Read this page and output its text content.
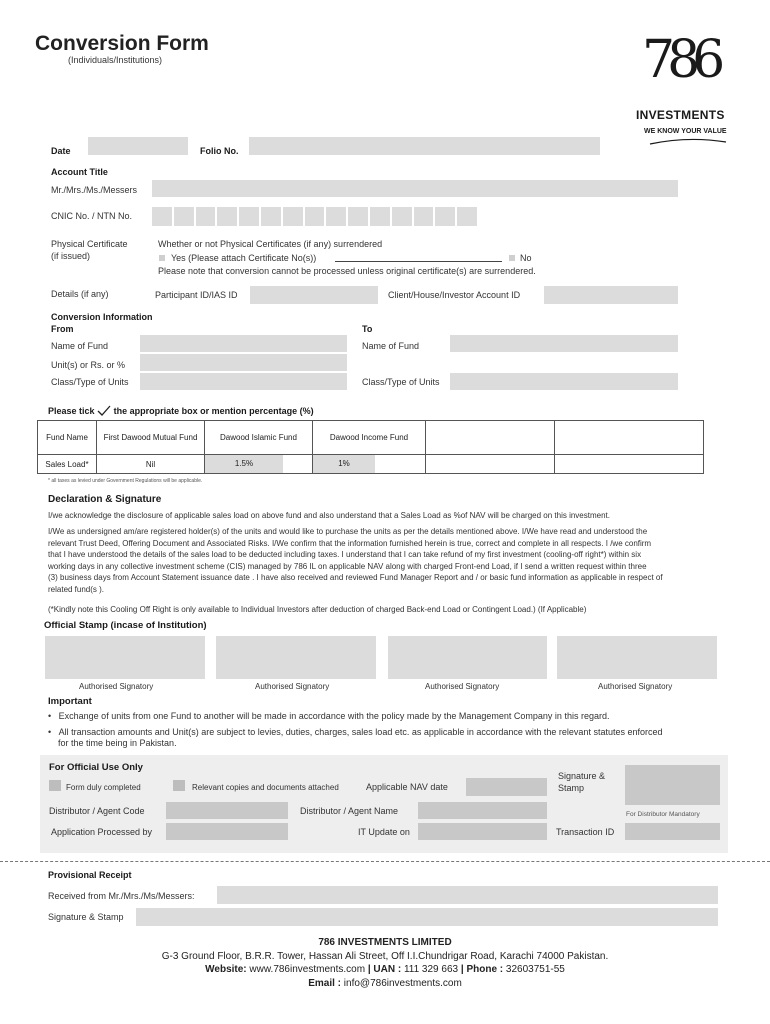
Conversion Form
(Individuals/Institutions)	786
INVESTMENTS
WE KNOW YOUR VALUE
Date	Folio No.
Account Title
Mr./Mrs./Ms./Messers
CNIC No. / NTN No.
Physical Certificate
(if issued)
Whether or not Physical Certificates (if any) surrendered
Yes (Please attach Certificate No(s))	No
Please note that conversion cannot be processed unless original certificate(s) are surrendered.
Details (if any)	Participant ID/IAS ID	Client/House/Investor Account ID
Conversion Information
From	To
Name of Fund	Name of Fund
Unit(s) or Rs. or %
Class/Type of Units	Class/Type of Units
Please tick the appropriate box or mention percentage (%)
Fund Name	First Dawood Mutual Fund	Dawood Islamic Fund	Dawood Income Fund		
Sales Load*	Nil	1.5%	1%		

* all taxes as levied under Government Regulations will be applicable.
Declaration & Signature
I/we acknowledge the disclosure of applicable sales load on above fund and also understand that a Sales Load as %of NAV will be charged on this investment.
I/We as undersigned am/are registered holder(s) of the units and would like to purchase the units as per the details mentioned above. I/We have read and understood the
relevant Trust Deed, Offering Document and Associated Risks. I/We confirm that the information furnished herein is true, correct and complete in all respects. I /we confirm
that I have understood the details of the sales load to be deducted including taxes. I understand that I can take refund of my first investment (cooling-off right*) within six
working days in any collective investment scheme (CIS) managed by 786 IL on applicable NAV along with charged Front-end Load, if I send a written request within three
(3) business days from Account Statement issuance date . I have also received and reviewed Fund Manager Report and / or basic fund information as applicable in respect of
related fund(s ).
(*Kindly note this Cooling Off Right is only available to Individual Investors after deduction of charged Back-end Load or Contingent Load.) (If Applicable)
Official Stamp (incase of Institution)
Authorised Signatory	Authorised Signatory	Authorised Signatory	Authorised Signatory
Important
•   Exchange of units from one Fund to another will be made in accordance with the policy made by the Management Company in this regard.
•   All transaction amounts and Unit(s) are subject to levies, duties, charges, sales load etc. as applicable in accordance with the relevant statutes enforced
for the time being in Pakistan.
For Official Use Only
Form duly completed	Relevant copies and documents attached	Applicable NAV date
Signature &
Stamp
Distributor / Agent Code	Distributor / Agent Name	For Distributor Mandatory
Application Processed by	IT Update on	Transaction ID
Provisional Receipt
Received from Mr./Mrs./Ms/Messers:
Signature & Stamp
786 INVESTMENTS LIMITED
G-3 Ground Floor, B.R.R. Tower, Hassan Ali Street, Off I.I.Chundrigar Road, Karachi 74000 Pakistan.
Website: www.786investments.com | UAN : 111 329 663 | Phone : 32603751-55
Email : info@786investments.com
